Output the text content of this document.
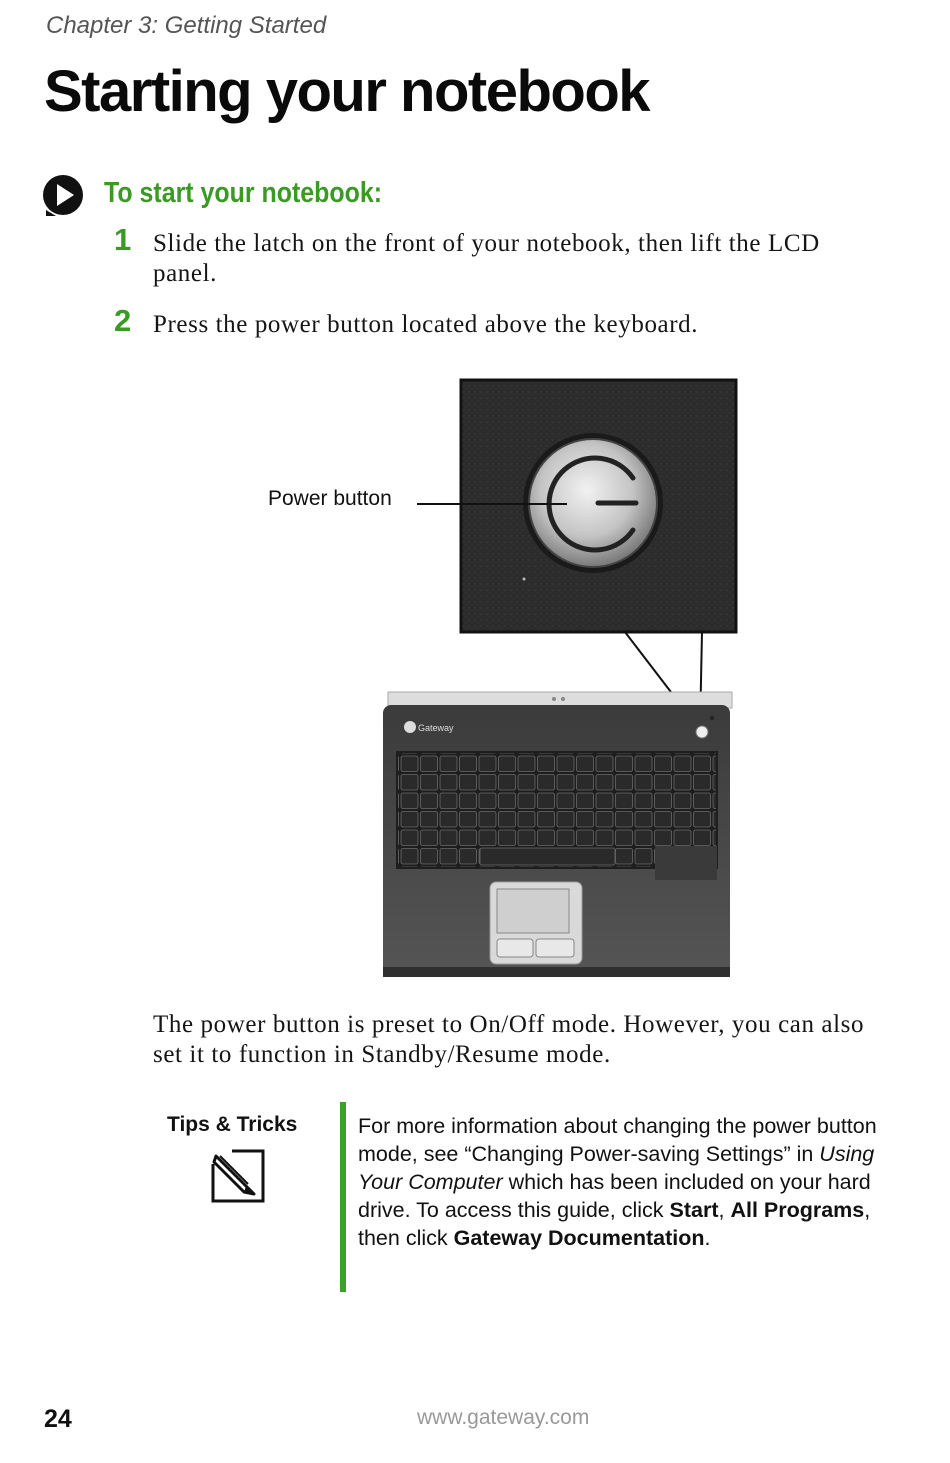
Chapter 3: Getting Started
Starting your notebook
To start your notebook:
1 Slide the latch on the front of your notebook, then lift the LCD
panel.
2 Press the power button located above the keyboard.
Power button
Gateway
The power button is preset to On/Off mode. However, you can also
set it to function in Standby/Resume mode.
Tips & Tricks	For more information about changing the power button mode, see “Changing Power-saving Settings” in Using Your Computer which has been included on your hard drive. To access this guide, click Start, All Programs, then click Gateway Documentation.
24	www.gateway.com
